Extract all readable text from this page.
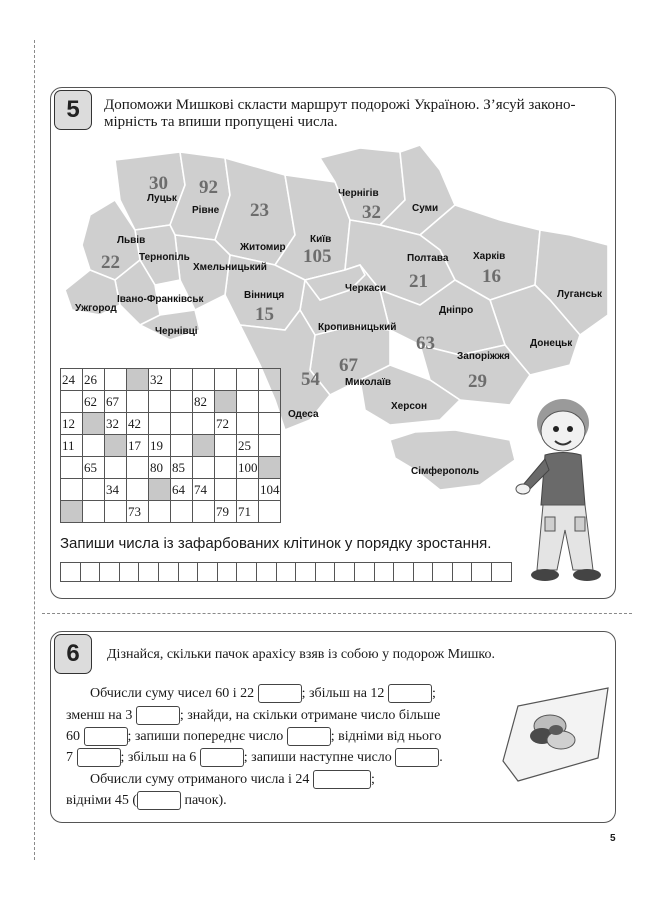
5	Допоможи Мишкові скласти маршрут подорожі Україною. З’ясуй законо-
мірність та впиши пропущені числа.
30 92
23
22	105
32
15
21	16
63
54
67
29
Луцьк
Рівне
Львів
Тернопіль
Житомир
Київ
Чернігів
Суми
Харків
Полтава
Хмельницький
Вінниця
Івано-Франківськ
Ужгород
Чернівці
Черкаси
Кропивницький
Дніпро
Луганськ
Донецьк
Запоріжжя
Миколаїв
Одеса
Херсон
Сімферополь
24	26			32					
	62	67				82			
12		32	42				72		
11			17	19				25	
	65			80	85			100	
		34			64	74			104
			73				79	71	
Запиши числа із зафарбованих клітинок у порядку зростання.
6	Дізнайся, скільки пачок арахісу взяв із собою у подорож Мишко.
Обчисли суму чисел 60 і 22	; збільш на 12	;
зменш на 3	; знайди, на скільки отримане число більше
60	; запиши попереднє число	; відніми від нього
7	; збільш на 6	; запиши наступне число	.
Обчисли суму отриманого числа і 24	;
відніми 45 (	пачок).
5
